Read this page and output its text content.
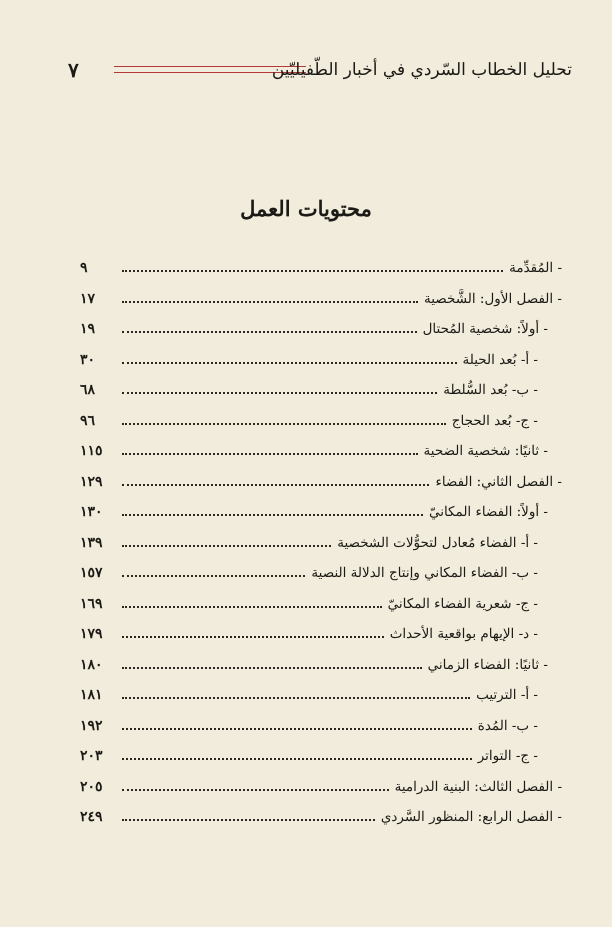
٧	تحليل الخطاب السّردي في أخبار الطّفيليّين
محتويات العمل
- المُقدِّمة
٩
- الفصل الأول: الشَّخصية
١٧
- أولاً: شخصية المُحتال
١٩
- أ- بُعد الحيلة
٣٠
- ب- بُعد السُّلطة
٦٨
- ج- بُعد الحجاج
٩٦
- ثانيًا: شخصية الضحية
١١٥
- الفصل الثاني: الفضاء
١٢٩
- أولاً: الفضاء المكانيّ
١٣٠
- أ- الفضاء مُعادل لتحوُّلات الشخصية
١٣٩
- ب- الفضاء المكاني وإنتاج الدلالة النصية
١٥٧
- ج- شعرية الفضاء المكانيّ
١٦٩
- د- الإيهام بواقعية الأحداث
١٧٩
- ثانيًا: الفضاء الزماني
١٨٠
- أ- الترتيب
١٨١
- ب- المُدة
١٩٢
- ج- التواتر
٢٠٣
- الفصل الثالث: البنية الدرامية
٢٠٥
- الفصل الرابع: المنظور السَّردي
٢٤٩
